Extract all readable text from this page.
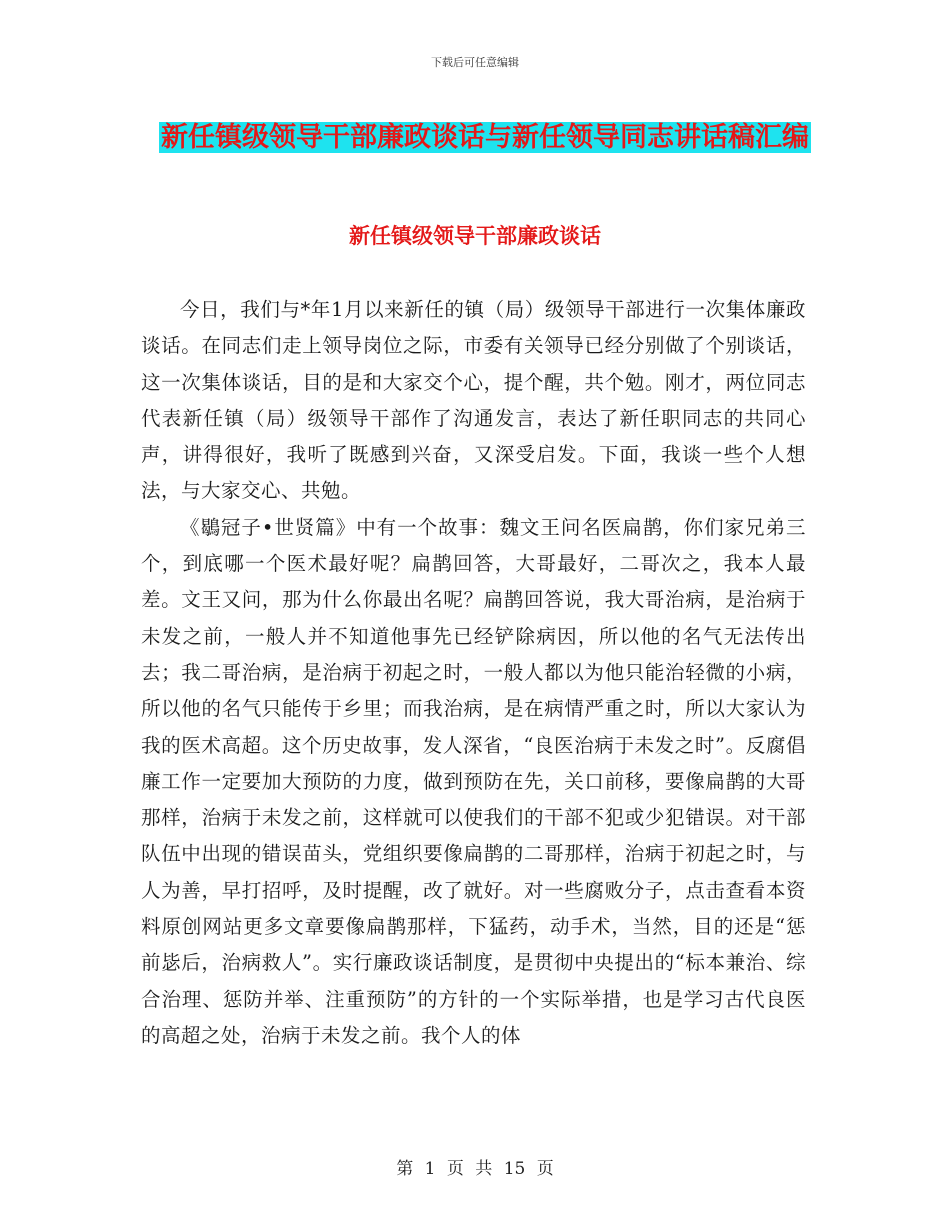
下载后可任意编辑
新任镇级领导干部廉政谈话与新任领导同志讲话稿汇编
新任镇级领导干部廉政谈话

今日，我们与*年1月以来新任的镇（局）级领导干部进行一次集体廉政谈话。在同志们走上领导岗位之际，市委有关领导已经分别做了个别谈话，这一次集体谈话，目的是和大家交个心，提个醒，共个勉。刚才，两位同志代表新任镇（局）级领导干部作了沟通发言，表达了新任职同志的共同心声，讲得很好，我听了既感到兴奋，又深受启发。下面，我谈一些个人想法，与大家交心、共勉。

《鶡冠子•世贤篇》中有一个故事：魏文王问名医扁鹊，你们家兄弟三个，到底哪一个医术最好呢？扁鹊回答，大哥最好，二哥次之，我本人最差。文王又问，那为什么你最出名呢？扁鹊回答说，我大哥治病，是治病于未发之前，一般人并不知道他事先已经铲除病因，所以他的名气无法传出去；我二哥治病，是治病于初起之时，一般人都以为他只能治轻微的小病，所以他的名气只能传于乡里；而我治病，是在病情严重之时，所以大家认为我的医术高超。这个历史故事，发人深省，“良医治病于未发之时”。反腐倡廉工作一定要加大预防的力度，做到预防在先，关口前移，要像扁鹊的大哥那样，治病于未发之前，这样就可以使我们的干部不犯或少犯错误。对干部队伍中出现的错误苗头，党组织要像扁鹊的二哥那样，治病于初起之时，与人为善，早打招呼，及时提醒，改了就好。对一些腐败分子，点击查看本资料原创网站更多文章要像扁鹊那样，下猛药，动手术，当然，目的还是“惩前毖后，治病救人”。实行廉政谈话制度，是贯彻中央提出的“标本兼治、综合治理、惩防并举、注重预防”的方针的一个实际举措，也是学习古代良医的高超之处，治病于未发之前。我个人的体

第 1 页 共 15 页
